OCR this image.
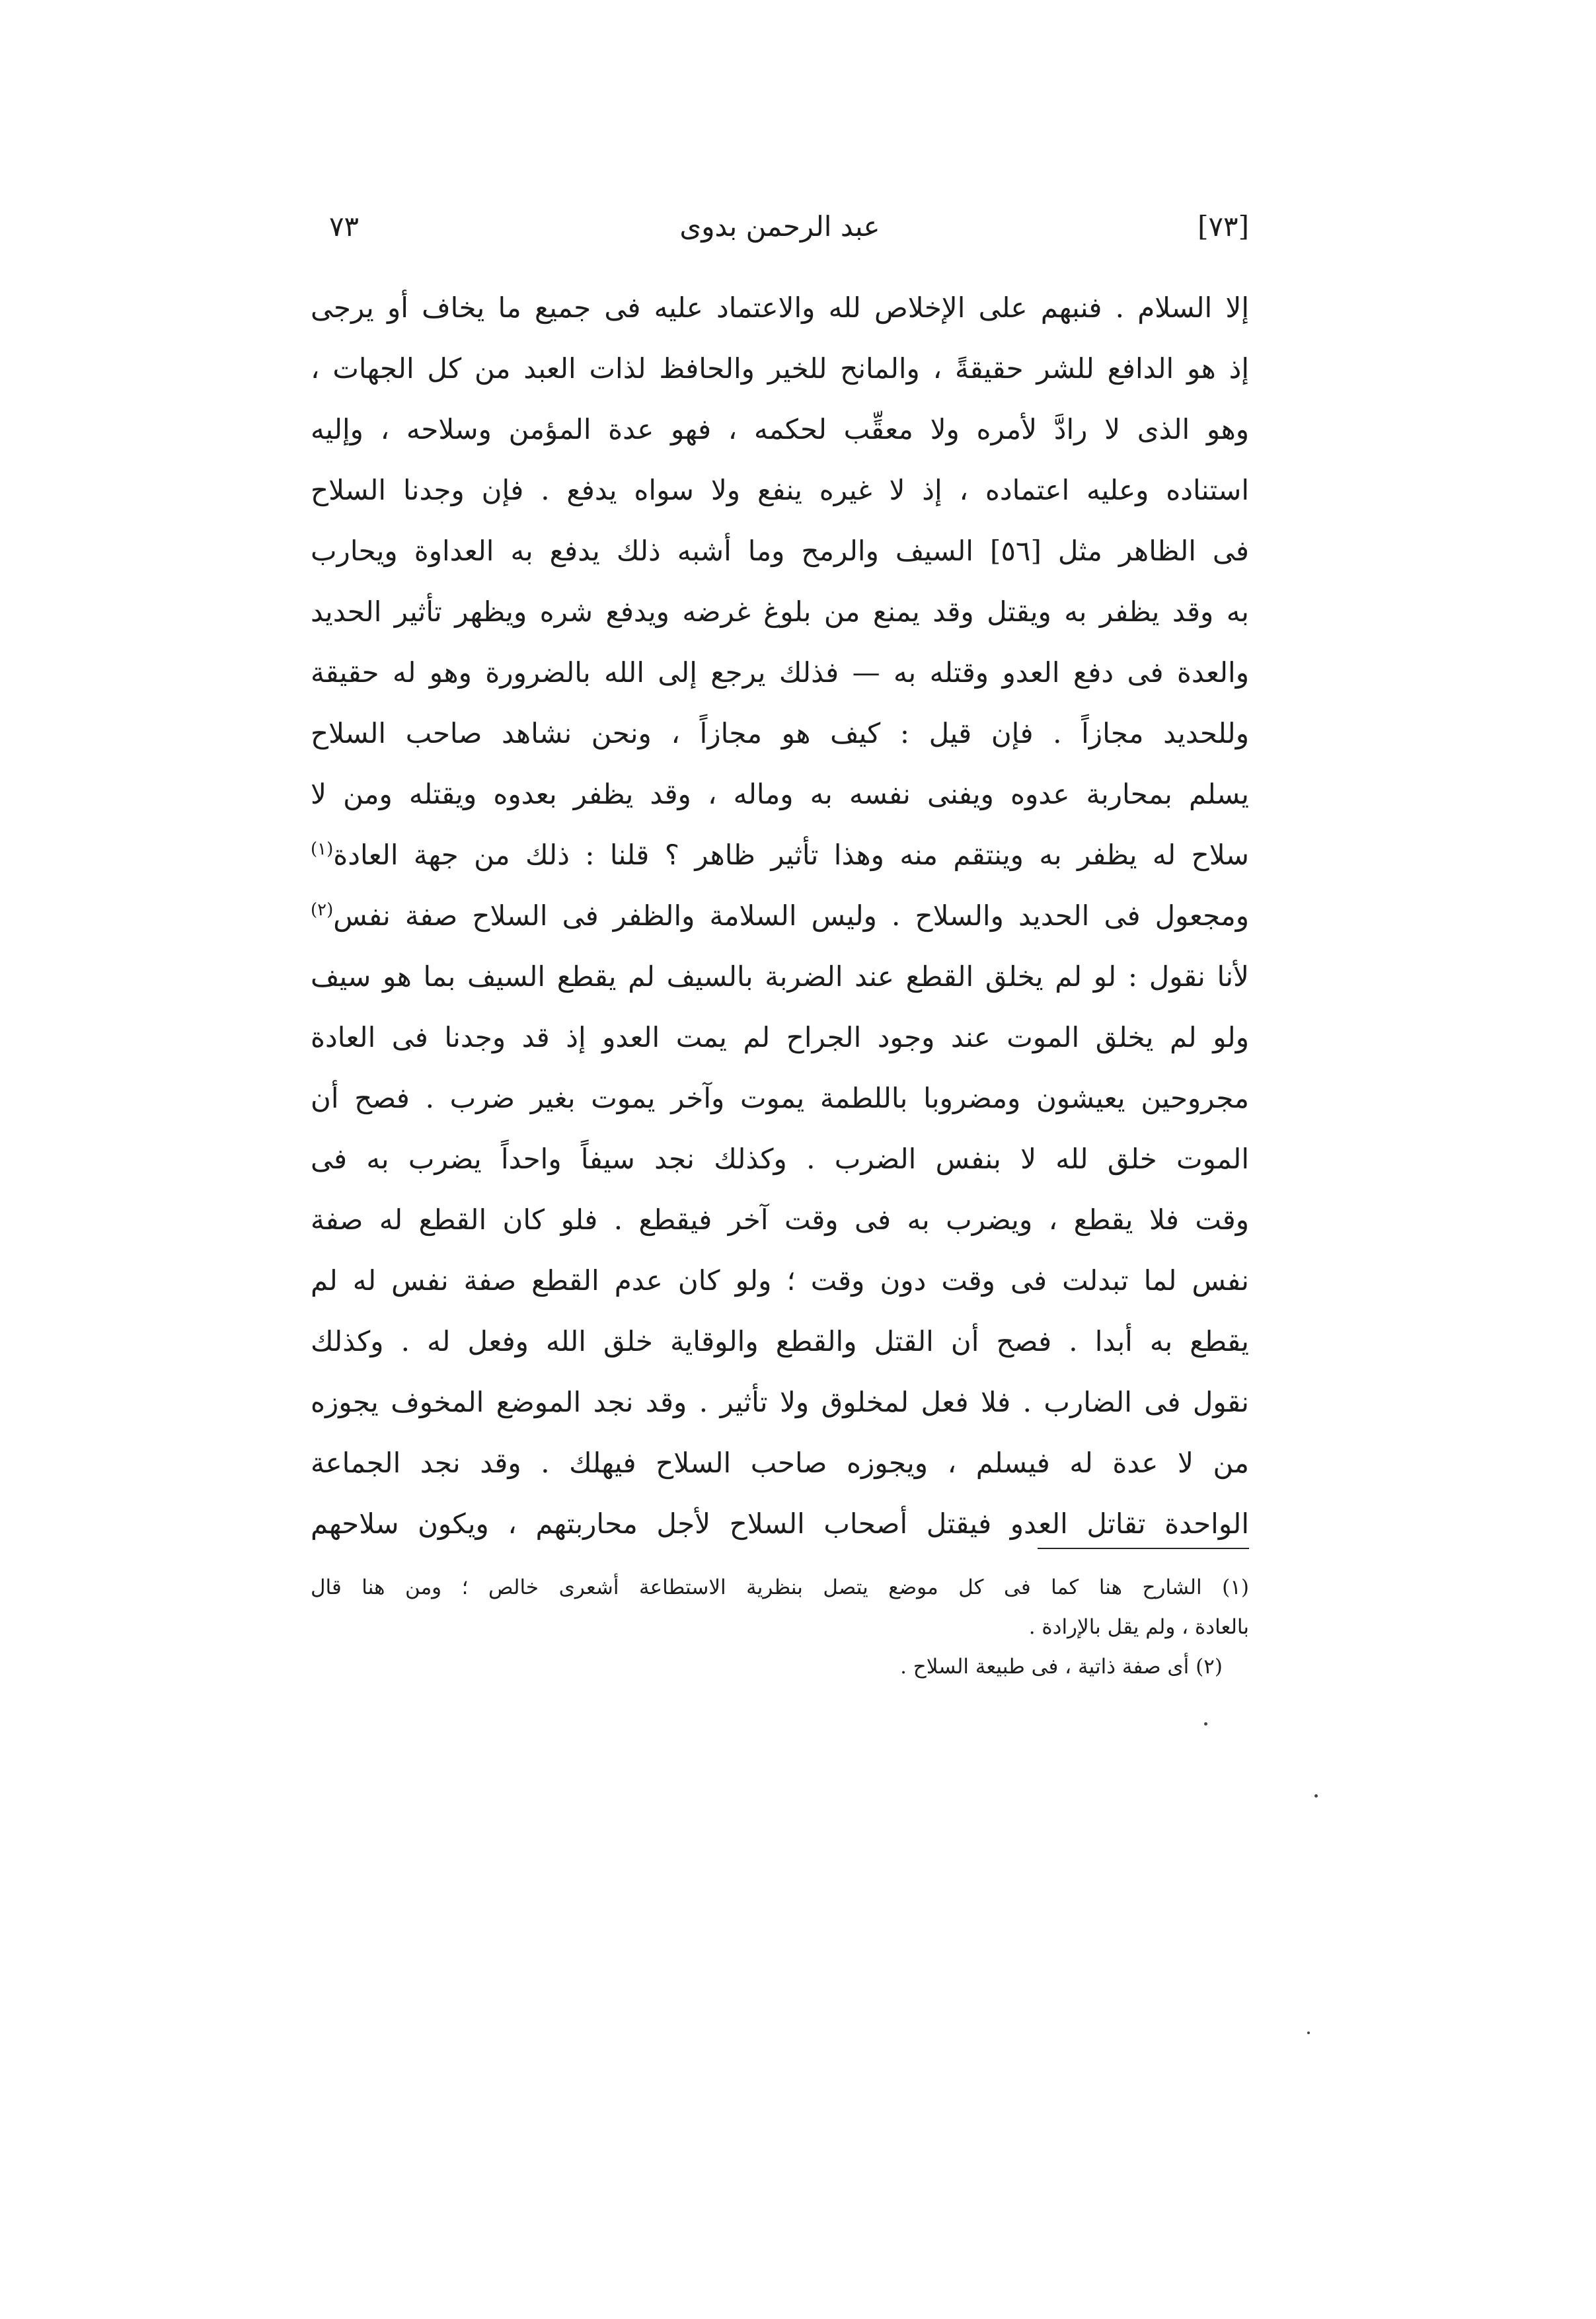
٧٣	عبد الرحمن بدوى	[٧٣]
إلا السلام . فنبهم على الإخلاص لله والاعتماد عليه فى جميع ما يخاف أو يرجى
إذ هو الدافع للشر حقيقةً ، والمانح للخير والحافظ لذات العبد من كل الجهات ،
وهو الذى لا رادَّ لأمره ولا معقِّب لحكمه ، فهو عدة المؤمن وسلاحه ، وإليه
استناده وعليه اعتماده ، إذ لا غيره ينفع ولا سواه يدفع . فإن وجدنا السلاح
فى الظاهر مثل [٥٦] السيف والرمح وما أشبه ذلك يدفع به العداوة ويحارب
به وقد يظفر به ويقتل وقد يمنع من بلوغ غرضه ويدفع شره ويظهر تأثير الحديد
والعدة فى دفع العدو وقتله به — فذلك يرجع إلى الله بالضرورة وهو له حقيقة
وللحديد مجازاً . فإن قيل : كيف هو مجازاً ، ونحن نشاهد صاحب السلاح
يسلم بمحاربة عدوه ويفنى نفسه به وماله ، وقد يظفر بعدوه ويقتله ومن لا
سلاح له يظفر به وينتقم منه وهذا تأثير ظاهر ؟ قلنا : ذلك من جهة العادة$^{(١)}$
ومجعول فى الحديد والسلاح . وليس السلامة والظفر فى السلاح صفة نفس$^{(٢)}$
لأنا نقول : لو لم يخلق القطع عند الضربة بالسيف لم يقطع السيف بما هو سيف
ولو لم يخلق الموت عند وجود الجراح لم يمت العدو إذ قد وجدنا فى العادة
مجروحين يعيشون ومضروبا باللطمة يموت وآخر يموت بغير ضرب . فصح أن
الموت خلق لله لا بنفس الضرب . وكذلك نجد سيفاً واحداً يضرب به فى
وقت فلا يقطع ، ويضرب به فى وقت آخر فيقطع . فلو كان القطع له صفة
نفس لما تبدلت فى وقت دون وقت ؛ ولو كان عدم القطع صفة نفس له لم
يقطع به أبدا . فصح أن القتل والقطع والوقاية خلق الله وفعل له . وكذلك
نقول فى الضارب . فلا فعل لمخلوق ولا تأثير . وقد نجد الموضع المخوف يجوزه
من لا عدة له فيسلم ، ويجوزه صاحب السلاح فيهلك . وقد نجد الجماعة
الواحدة تقاتل العدو فيقتل أصحاب السلاح لأجل محاربتهم ، ويكون سلاحهم
(١) الشارح هنا كما فى كل موضع يتصل بنظرية الاستطاعة أشعرى خالص ؛ ومن هنا قال
بالعادة ، ولم يقل بالإرادة .
(٢) أى صفة ذاتية ، فى طبيعة السلاح .
